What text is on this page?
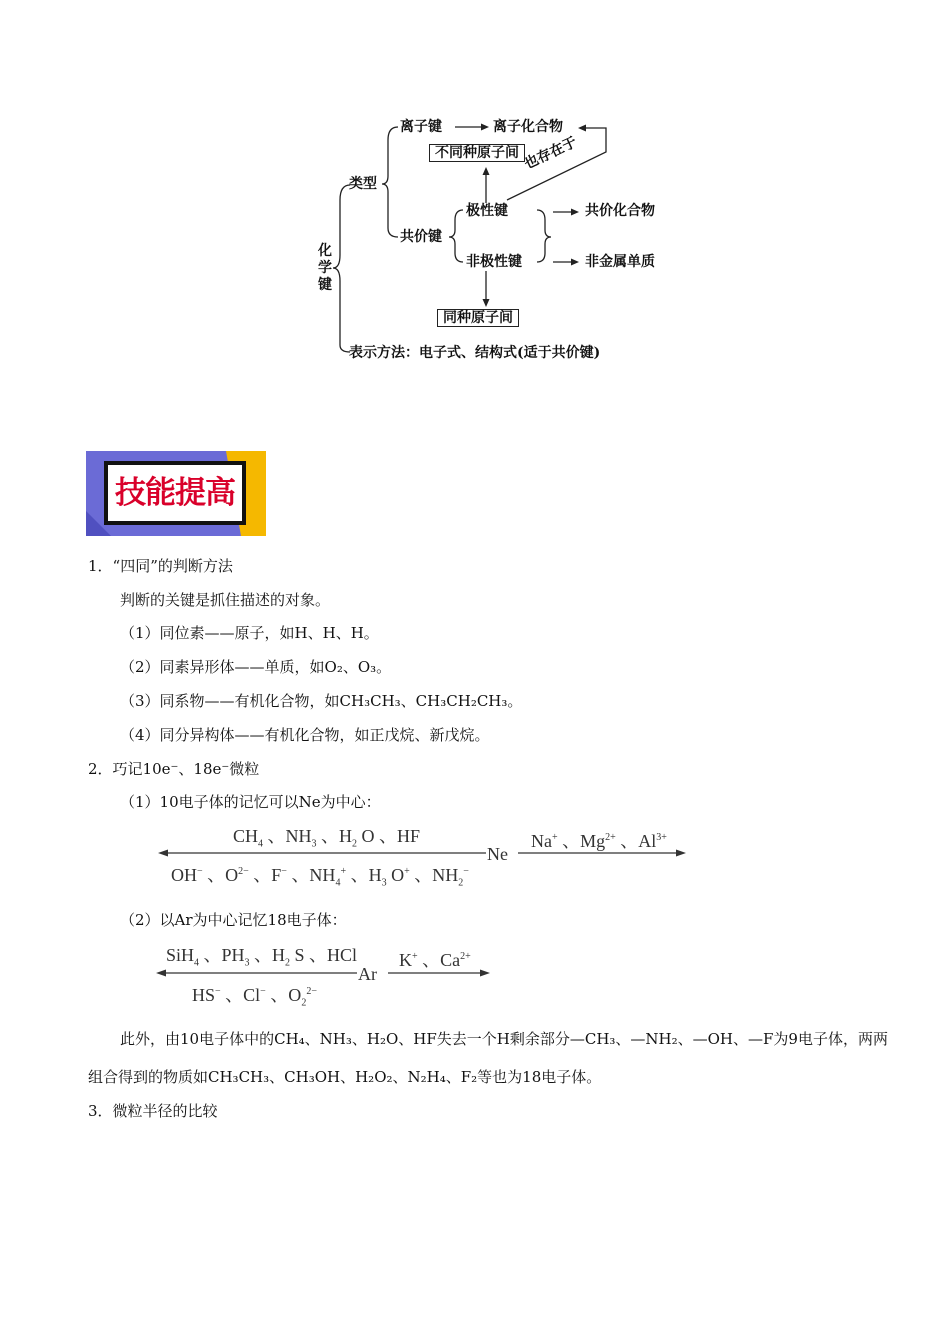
化学键
类型
离子键	离子化合物
不同种原子间 也存在于
共价键
极性键
非极性键
共价化合物
非金属单质
同种原子间
表示方法：电子式、结构式(适于共价键)
技能提高
1．“四同”的判断方法
判断的关键是抓住描述的对象。
（1）同位素——原子，如H、H、H。
（2）同素异形体——单质，如O₂、O₃。
（3）同系物——有机化合物，如CH₃CH₃、CH₃CH₂CH₃。
（4）同分异构体——有机化合物，如正戊烷、新戊烷。
2．巧记10e⁻、18e⁻微粒
（1）10电子体的记忆可以Ne为中心：
$CH_4$ 、$NH_3$ 、$H_2$ O 、HF
OH− 、$O^{2-}$ 、F− 、$NH_4^+$ 、$H_3$ O+ 、$NH_2^-$
Ne
Na+ 、$Mg^{2+}$ 、$Al^{3+}$
（2）以Ar为中心记忆18电子体：
SiH$_4$ 、$PH_3$ 、$H_2$ S 、HCl
HS− 、Cl− 、$O_2^{2-}$
Ar
K+ 、$Ca^{2+}$
此外，由10电子体中的CH₄、NH₃、H₂O、HF失去一个H剩余部分—CH₃、—NH₂、—OH、—F为9电子体，两两
组合得到的物质如CH₃CH₃、CH₃OH、H₂O₂、N₂H₄、F₂等也为18电子体。
3．微粒半径的比较
